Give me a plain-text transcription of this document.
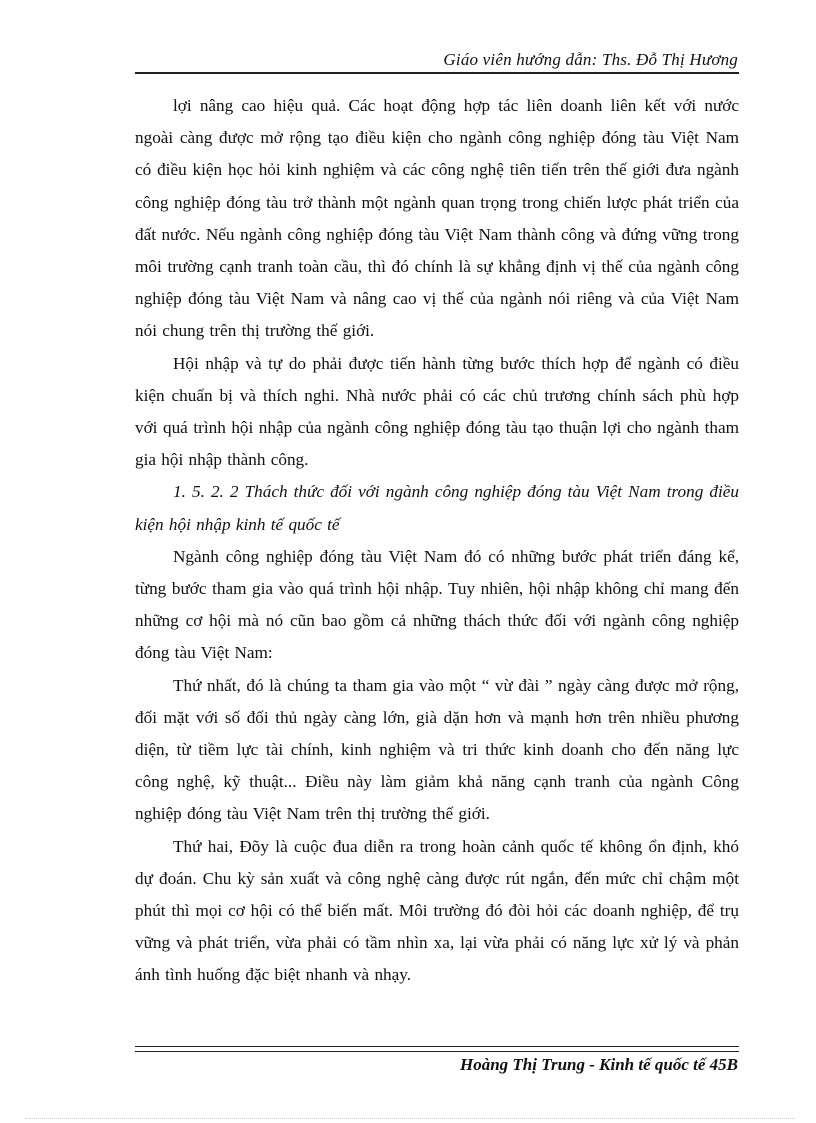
Giáo viên hướng dẫn: Ths. Đỗ Thị Hương

lợi nâng cao hiệu quả. Các hoạt động hợp tác liên doanh liên kết với nước ngoài càng được mở rộng tạo điều kiện cho ngành công nghiệp đóng tàu Việt Nam có điều kiện học hỏi kinh nghiệm và các công nghệ tiên tiến trên thế giới đưa ngành công nghiệp đóng tàu trở thành một ngành quan trọng trong chiến lược phát triển của đất nước. Nếu ngành công nghiệp đóng tàu Việt Nam thành công và đứng vững trong môi trường cạnh tranh toàn cầu, thì đó chính là sự khẳng định vị thế của ngành công nghiệp đóng tàu Việt Nam và nâng cao vị thế của ngành nói riêng và của Việt Nam nói chung trên thị trường thế giới.

Hội nhập và tự do phải được tiến hành từng bước thích hợp để ngành có điều kiện chuẩn bị và thích nghi. Nhà nước phải có các chủ trương chính sách phù hợp với quá trình hội nhập của ngành công nghiệp đóng tàu tạo thuận lợi cho ngành tham gia hội nhập thành công.

1. 5. 2. 2 Thách thức đối với ngành công nghiệp đóng tàu Việt Nam trong điều kiện hội nhập kinh tế quốc tế

Ngành công nghiệp đóng tàu Việt Nam đó có những bước phát triển đáng kể, từng bước tham gia vào quá trình hội nhập. Tuy nhiên, hội nhập không chỉ mang đến những cơ hội mà nó cũn bao gồm cả những thách thức đối với ngành công nghiệp đóng tàu Việt Nam:

Thứ nhất, đó là chúng ta tham gia vào một “ vừ đài ” ngày càng được mở rộng, đối mặt với số đối thủ ngày càng lớn, già dặn hơn và mạnh hơn trên nhiều phương diện, từ tiềm lực tài chính, kinh nghiệm và tri thức kinh doanh cho đến năng lực công nghệ, kỹ thuật... Điều này làm giảm khả năng cạnh tranh của ngành Công nghiệp đóng tàu Việt Nam trên thị trường thế giới.

Thứ hai, Đõy là cuộc đua diễn ra trong hoàn cảnh quốc tế không ổn định, khó dự đoán. Chu kỳ sản xuất và công nghệ càng được rút ngắn, đến mức chỉ chậm một phút thì mọi cơ hội có thể biến mất. Môi trường đó đòi hỏi các doanh nghiệp, để trụ vững và phát triển, vừa phải có tầm nhìn xa, lại vừa phải có năng lực xử lý và phản ánh tình huống đặc biệt nhanh và nhạy.

Hoàng Thị Trung - Kinh tế quốc tế 45B
